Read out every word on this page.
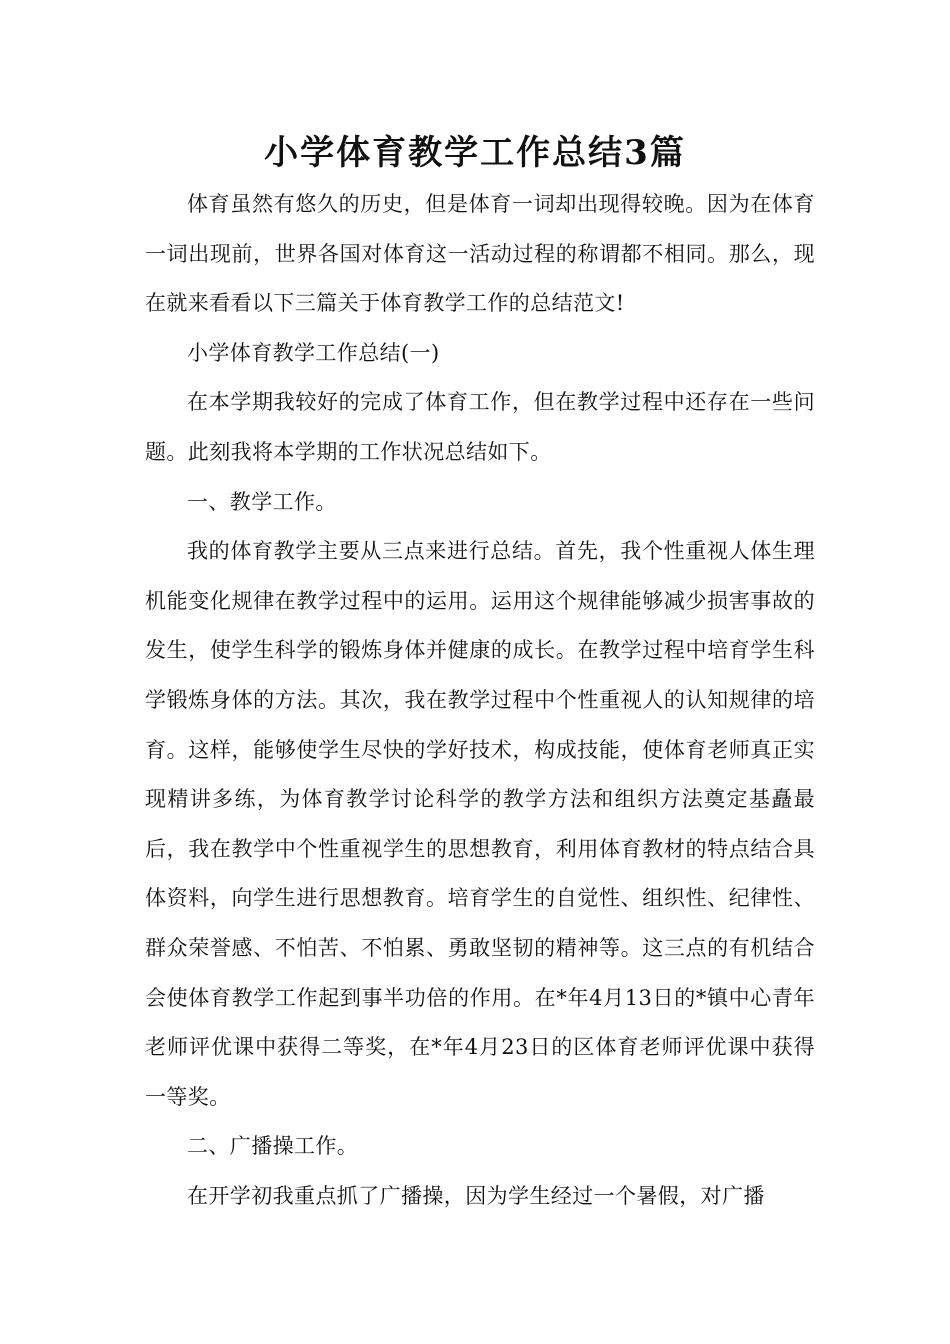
小学体育教学工作总结3篇

体育虽然有悠久的历史，但是体育一词却出现得较晚。因为在体育一词出现前，世界各国对体育这一活动过程的称谓都不相同。那么，现在就来看看以下三篇关于体育教学工作的总结范文!

小学体育教学工作总结(一)

在本学期我较好的完成了体育工作，但在教学过程中还存在一些问题。此刻我将本学期的工作状况总结如下。

一、教学工作。

我的体育教学主要从三点来进行总结。首先，我个性重视人体生理机能变化规律在教学过程中的运用。运用这个规律能够减少损害事故的发生，使学生科学的锻炼身体并健康的成长。在教学过程中培育学生科学锻炼身体的方法。其次，我在教学过程中个性重视人的认知规律的培育。这样，能够使学生尽快的学好技术，构成技能，使体育老师真正实现精讲多练，为体育教学讨论科学的教学方法和组织方法奠定基矗最后，我在教学中个性重视学生的思想教育，利用体育教材的特点结合具体资料，向学生进行思想教育。培育学生的自觉性、组织性、纪律性、群众荣誉感、不怕苦、不怕累、勇敢坚韧的精神等。这三点的有机结合会使体育教学工作起到事半功倍的作用。在*年4月13日的*镇中心青年老师评优课中获得二等奖，在*年4月23日的区体育老师评优课中获得一等奖。

二、广播操工作。

在开学初我重点抓了广播操，因为学生经过一个暑假，对广播
